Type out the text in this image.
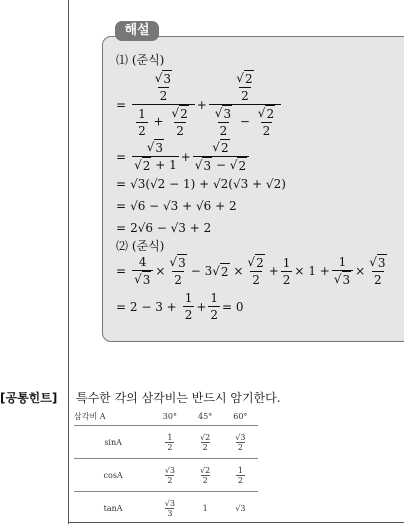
해설
⑴ (준식)
=
$\frac{√ 3}{2}$
$\frac{1}{2} + \frac{√ 2}{2}$
+ $\frac{\frac{√ 2}{2}}{\frac{√ 3}{2} - \frac{√ 2}{2}}$
=
√ 3
√ 2 + 1
+ $\frac{√ 2}{√ 3 - √ 2}$
= √3(√2 − 1) + √2(√3 + √2)
= √6 − √3 + √6 + 2
= 2√6 − √3 + 2
⑵ (준식)
= $\frac{4}{√ 3} \times \frac{√ 3}{2} - 3$ √ 2
× $\frac{√ 2}{2} + \frac{1}{2}$ ×
1
+ $\frac{1}{√ 3} \times \frac{√ 3}{2}$
= 2 − 3 +
1
2
+ $\frac{1}{2} = 0$
[공통힌트] 특수한 각의 삼각비는 반드시 암기한다.
삼각비 A	30°	45°	60°
sinA	$\frac{1}{2}$	$\frac{√2}{2}$	$\frac{√3}{2}$

cosA	$\frac{√3}{2}$	$\frac{√2}{2}$	$\frac{1}{2}$

tanA	$\frac{√3}{3}$	1	√3
